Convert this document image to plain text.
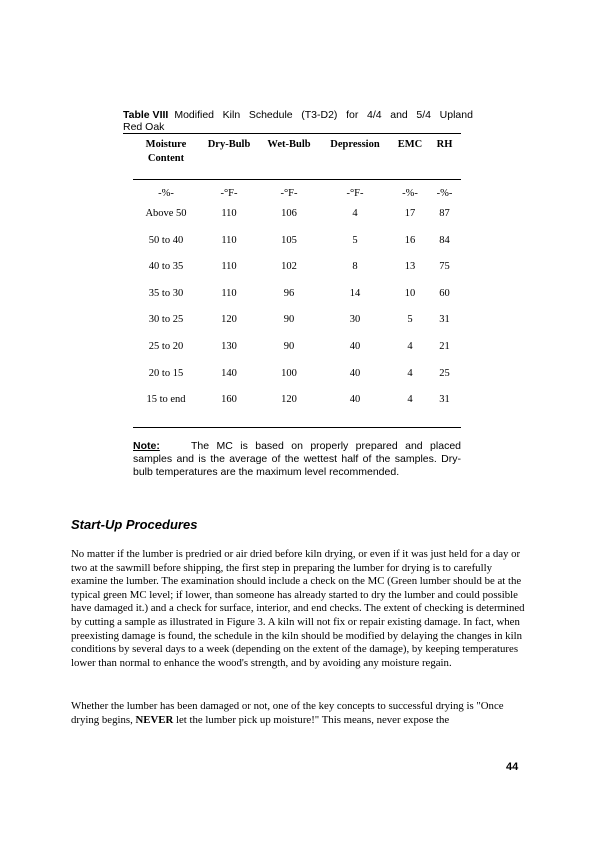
Table VIII Modified Kiln Schedule (T3-D2) for 4/4 and 5/4 Upland
Red Oak
Moisture Content	Dry-Bulb	Wet-Bulb	Depression	EMC	RH
-%-	-°F-	-°F-	-°F-	-%-	-%-
Above 50	110	106	4	17	87
50 to 40	110	105	5	16	84
40 to 35	110	102	8	13	75
35 to 30	110	96	14	10	60
30 to 25	120	90	30	5	31
25 to 20	130	90	40	4	21
20 to 15	140	100	40	4	25
15 to end	160	120	40	4	31
Note:	The MC is based on properly prepared and placed samples and is the average of the wettest half of the samples. Dry-bulb temperatures are the maximum level recommended.
Start-Up Procedures

No matter if the lumber is predried or air dried before kiln drying, or even if it was just held for a day or two at the sawmill before shipping, the first step in preparing the lumber for drying is to carefully examine the lumber. The examination should include a check on the MC (Green lumber should be at the typical green MC level; if lower, than someone has already started to dry the lumber and could possible have damaged it.) and a check for surface, interior, and end checks. The extent of checking is determined by cutting a sample as illustrated in Figure 3. A kiln will not fix or repair existing damage. In fact, when preexisting damage is found, the schedule in the kiln should be modified by delaying the changes in kiln conditions by several days to a week (depending on the extent of the damage), by keeping temperatures lower than normal to enhance the wood's strength, and by avoiding any moisture regain.

Whether the lumber has been damaged or not, one of the key concepts to successful drying is "Once drying begins, NEVER let the lumber pick up moisture!" This means, never expose the

44
